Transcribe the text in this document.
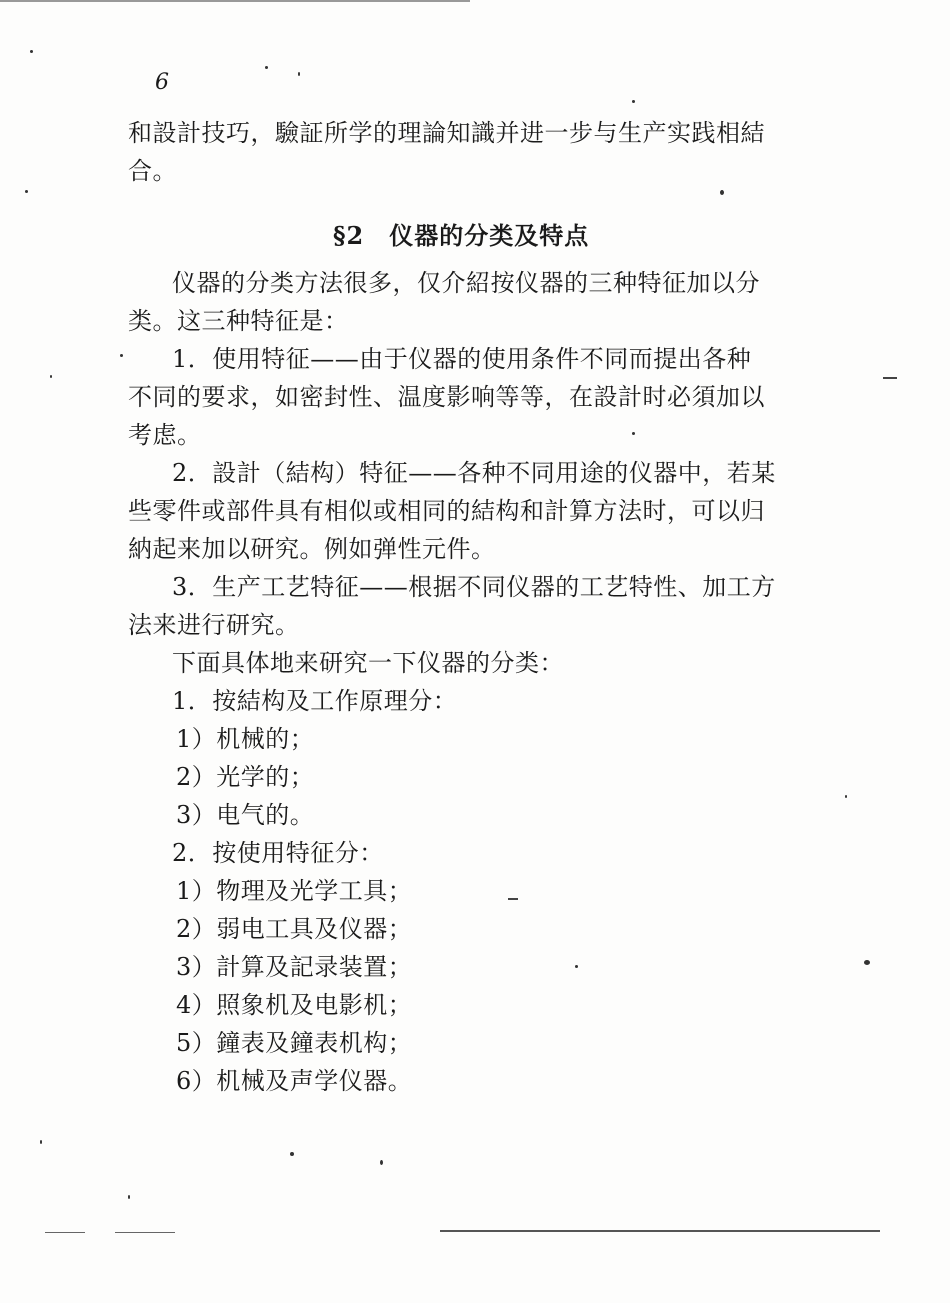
6
和設計技巧，驗証所学的理論知識并进一步与生产实践相結
合。
§2　仪器的分类及特点
仪器的分类方法很多，仅介紹按仪器的三种特征加以分
类。这三种特征是：
1．使用特征——由于仪器的使用条件不同而提出各种
不同的要求，如密封性、温度影响等等，在設計时必須加以
考虑。
2．設計（結构）特征——各种不同用途的仪器中，若某
些零件或部件具有相似或相同的結构和計算方法时，可以归
納起来加以研究。例如弹性元件。
3．生产工艺特征——根据不同仪器的工艺特性、加工方
法来进行研究。
下面具体地来研究一下仪器的分类：
1．按結构及工作原理分：
1）机械的；
2）光学的；
3）电气的。
2．按使用特征分：
1）物理及光学工具；
2）弱电工具及仪器；
3）計算及記录装置；
4）照象机及电影机；
5）鐘表及鐘表机构；
6）机械及声学仪器。
